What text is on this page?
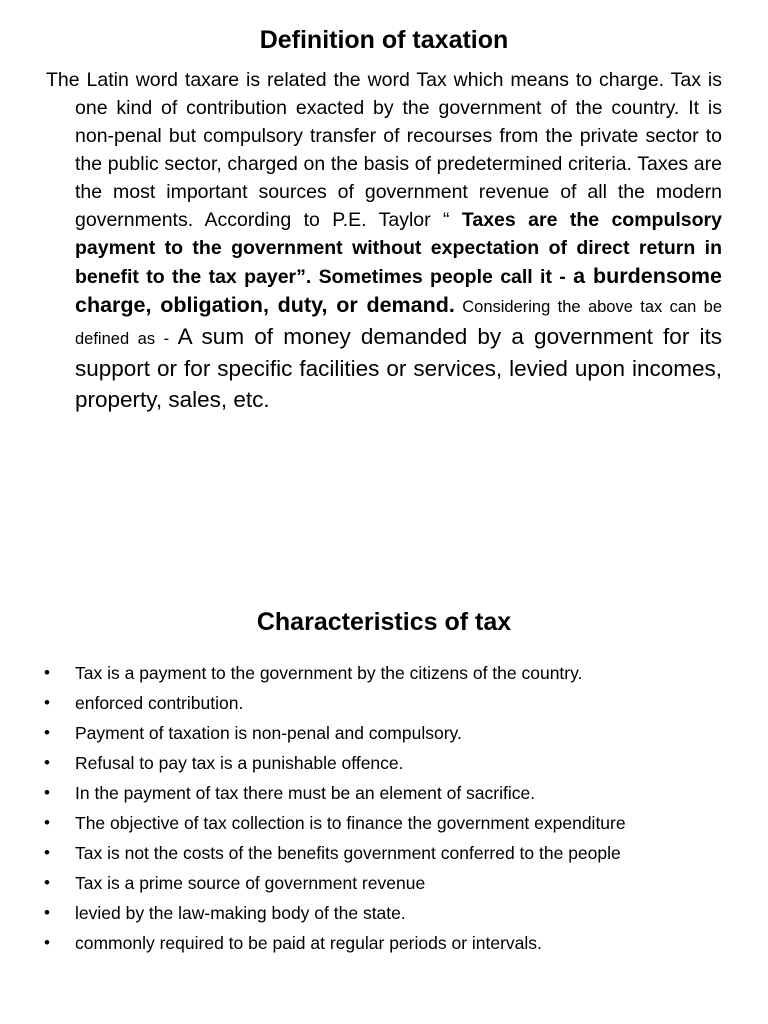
Definition of taxation

The Latin word taxare is related the word Tax which means to charge. Tax is one kind of contribution exacted by the government of the country. It is non-penal but compulsory transfer of recourses from the private sector to the public sector, charged on the basis of predetermined criteria. Taxes are the most important sources of government revenue of all the modern governments. According to P.E. Taylor “ Taxes are the compulsory payment to the government without expectation of direct return in benefit to the tax payer”. Sometimes people call it - a burdensome charge, obligation, duty, or demand. Considering the above tax can be defined as - A sum of money demanded by a government for its support or for specific facilities or services, levied upon incomes, property, sales, etc.

Characteristics of tax
• Tax is a payment to the government by the citizens of the country.
• enforced contribution.
• Payment of taxation is non-penal and compulsory.
• Refusal to pay tax is a punishable offence.
• In the payment of tax there must be an element of sacrifice.
• The objective of tax collection is to finance the government expenditure
• Tax is not the costs of the benefits government conferred to the people
• Tax is a prime source of government revenue
• levied by the law-making body of the state.
• commonly required to be paid at regular periods or intervals.
